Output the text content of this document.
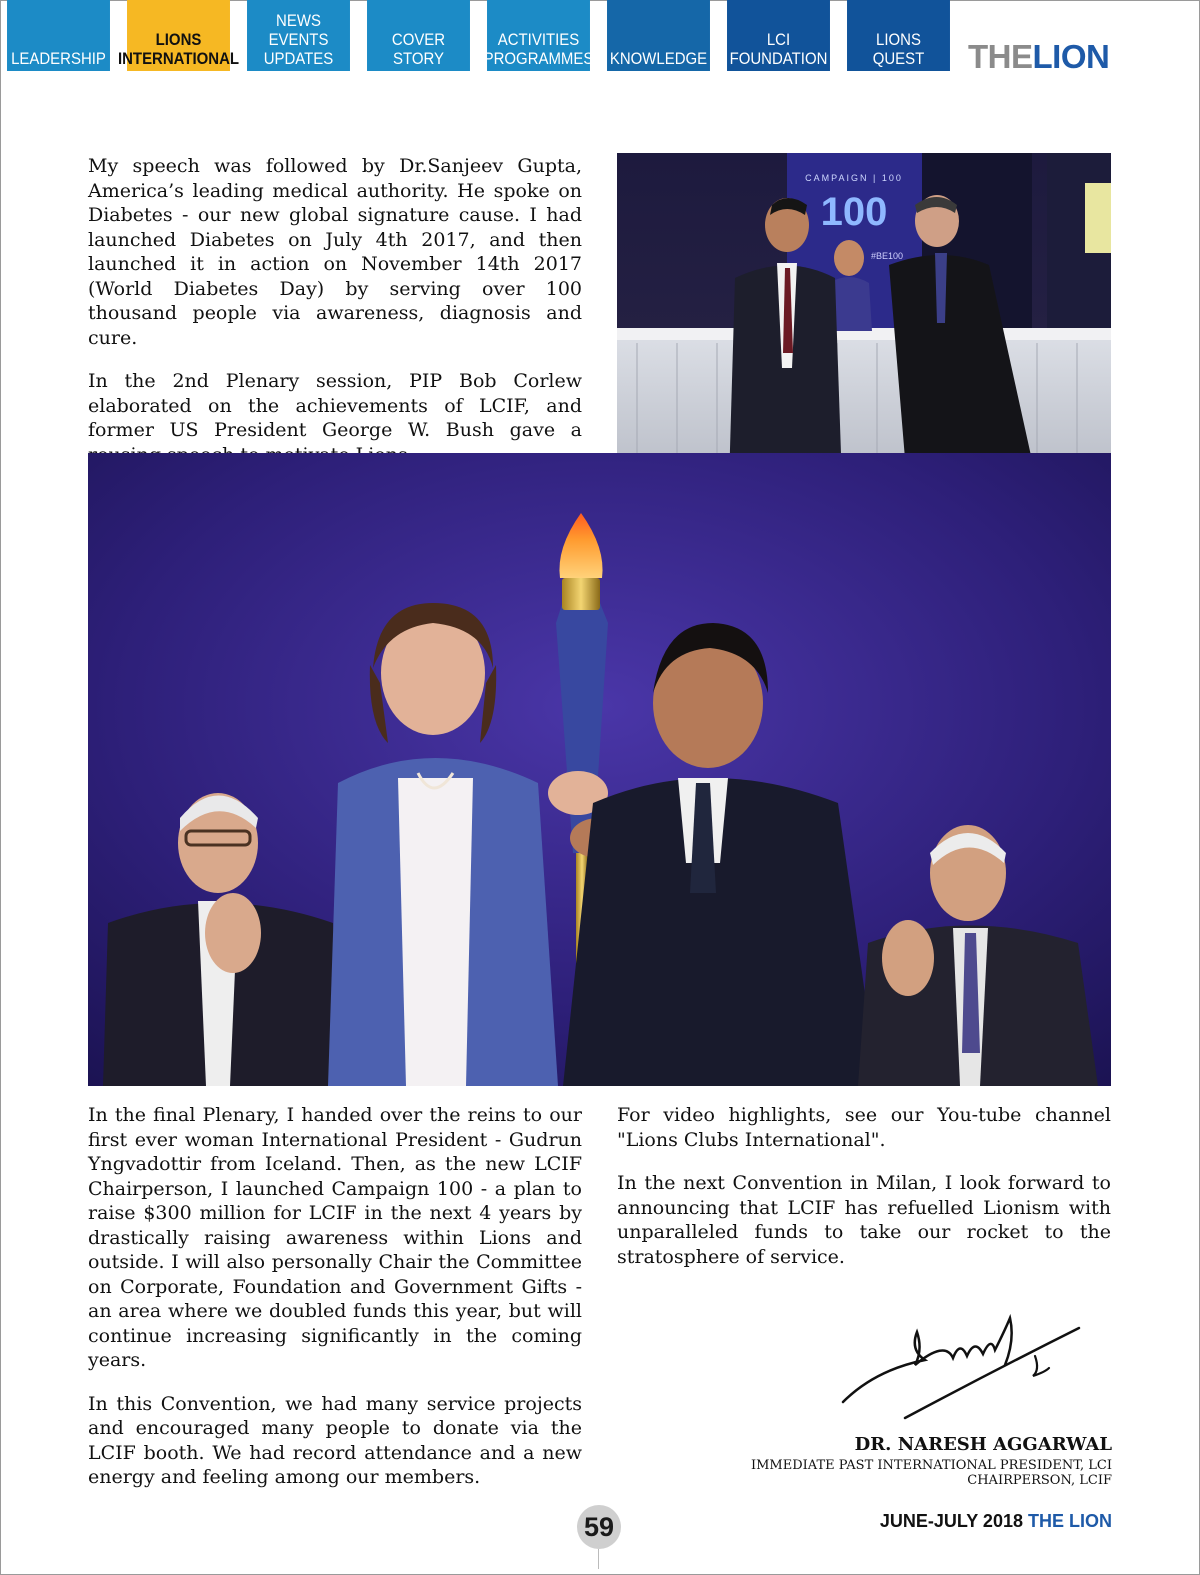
LEADERSHIP
LIONS
INTERNATIONAL
NEWS
EVENTS
UPDATES
COVER STORY
ACTIVITIES
PROGRAMMES KNOWLEDGE
LCI
FOUNDATION
LIONS
QUEST THELION

My speech was followed by Dr.Sanjeev Gupta, America’s leading medical authority. He spoke on Diabetes - our new global signature cause. I had launched Diabetes on July 4th 2017, and then launched it in action on November 14th 2017 (World Diabetes Day) by serving over 100 thousand people via awareness, diagnosis and cure.

In the 2nd Plenary session, PIP Bob Corlew elaborated on the achievements of LCIF, and former US President George W. Bush gave a

CAMPAIGN | 100
100
#BE100

In the final Plenary, I handed over the reins to our first ever woman International President - Gudrun Yngvadottir from Iceland. Then, as the new LCIF Chairperson, I launched Campaign 100 - a plan to raise $300 million for LCIF in the next 4 years by drastically raising awareness within Lions and outside. I will also personally Chair the Committee on Corporate, Foundation and Government Gifts - an area where we doubled funds this year, but will continue increasing significantly in the coming years.

In this Convention, we had many service projects and encouraged many people to donate via the LCIF booth. We had record attendance and a new energy and feeling among our members.

For video highlights, see our You-tube channel "Lions Clubs International".

In the next Convention in Milan, I look forward to announcing that LCIF has refuelled Lionism with unparalleled funds to take our rocket to the stratosphere of service.

DR. NARESH AGGARWAL
IMMEDIATE PAST INTERNATIONAL PRESIDENT, LCI
CHAIRPERSON, LCIF
59	JUNE-JULY 2018 THE LION
